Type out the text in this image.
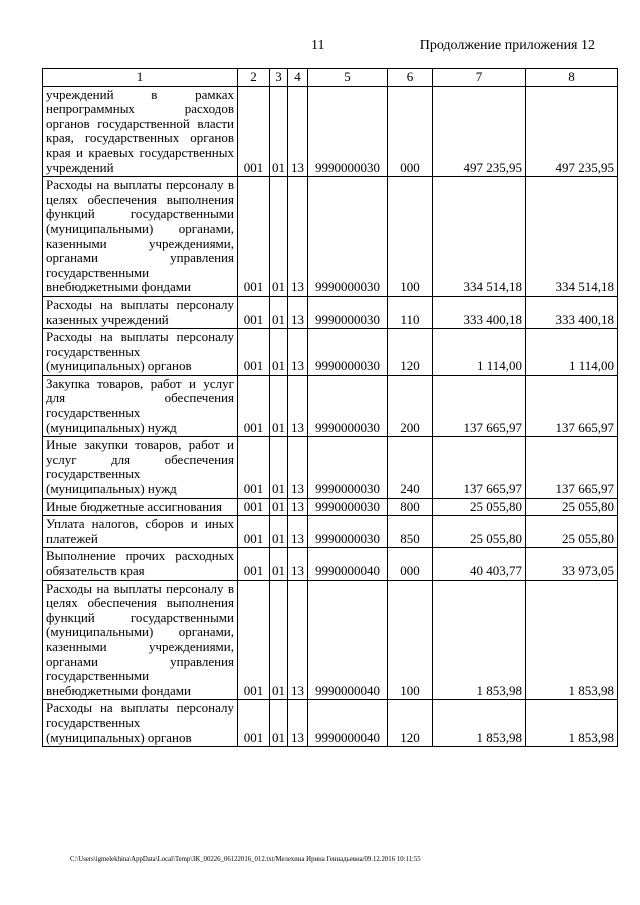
11	Продолжение приложения 12
1	2	3	4	5	6	7	8
учреждений в рамках непрограммных расходов органов государственной власти края, государственных органов края и краевых государственных учреждений	001	01	13	9990000030	000	497 235,95	497 235,95
Расходы на выплаты персоналу в целях обеспечения выполнения функций государственными (муниципальными) органами, казенными учреждениями, органами управления государственными внебюджетными фондами	001	01	13	9990000030	100	334 514,18	334 514,18
Расходы на выплаты персоналу казенных учреждений	001	01	13	9990000030	110	333 400,18	333 400,18
Расходы на выплаты персоналу государственных (муниципальных) органов	001	01	13	9990000030	120	1 114,00	1 114,00
Закупка товаров, работ и услуг для обеспечения государственных (муниципальных) нужд	001	01	13	9990000030	200	137 665,97	137 665,97
Иные закупки товаров, работ и услуг для обеспечения государственных (муниципальных) нужд	001	01	13	9990000030	240	137 665,97	137 665,97
Иные бюджетные ассигнования	001	01	13	9990000030	800	25 055,80	25 055,80
Уплата налогов, сборов и иных платежей	001	01	13	9990000030	850	25 055,80	25 055,80
Выполнение прочих расходных обязательств края	001	01	13	9990000040	000	40 403,77	33 973,05
Расходы на выплаты персоналу в целях обеспечения выполнения функций государственными (муниципальными) органами, казенными учреждениями, органами управления государственными внебюджетными фондами	001	01	13	9990000040	100	1 853,98	1 853,98
Расходы на выплаты персоналу государственных (муниципальных) органов	001	01	13	9990000040	120	1 853,98	1 853,98
C:\Users\igmelekhina\AppData\Local\Temp\ЗК_00226_06122016_012.txt/Мелехина Ирина Геннадьевна/09.12.2016 10:11:55
